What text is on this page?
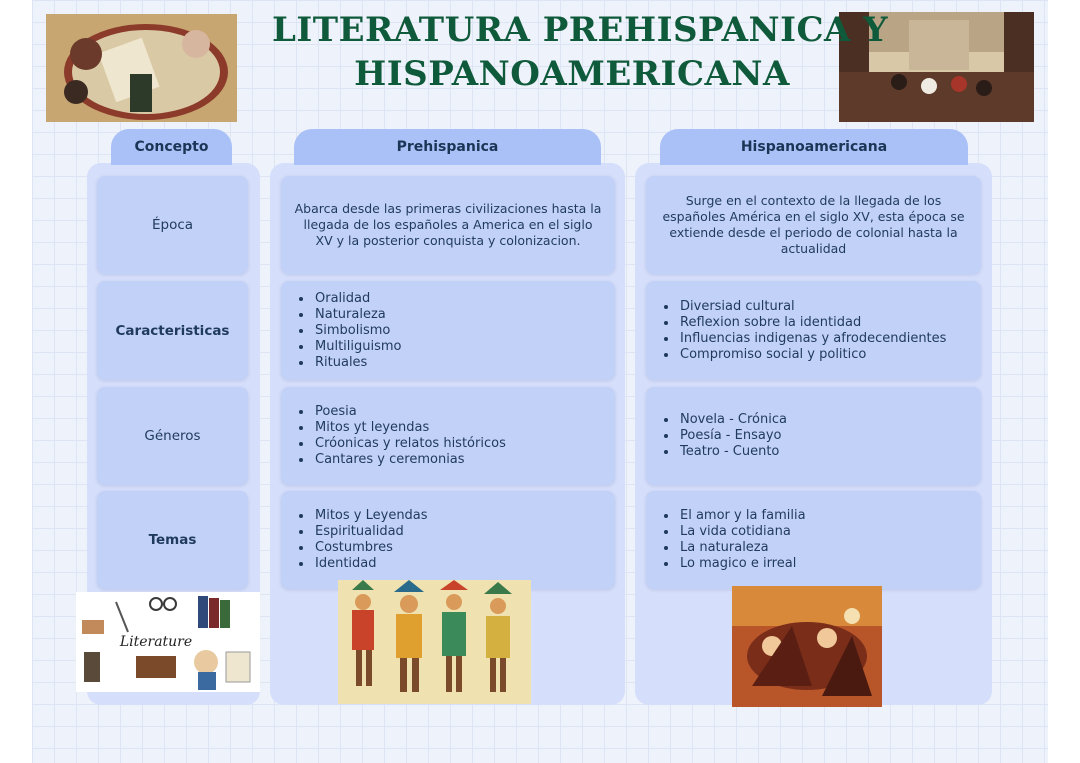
LITERATURA PREHISPANICA Y
HISPANOAMERICANA
Concepto	Prehispanica	Hispanoamericana
Época
Abarca desde las primeras civilizaciones hasta la llegada de los españoles a America en el siglo XV y la posterior conquista y colonizacion.
Surge en el contexto de la llegada de los españoles América en el siglo XV, esta época se extiende desde el periodo de colonial hasta la actualidad
Caracteristicas
• Oralidad
• Naturaleza
• Simbolismo
• Multiliguismo
• Rituales
• Diversiad cultural
• Reflexion sobre la identidad
• Influencias indigenas y afrodecendientes
• Compromiso social y politico
Géneros
• Poesia
• Mitos yt leyendas
• Cróonicas y relatos históricos
• Cantares y ceremonias
• Novela - Crónica
• Poesía - Ensayo
• Teatro - Cuento
Temas
• Mitos y Leyendas
• Espiritualidad
• Costumbres
• Identidad
• El amor y la familia
• La vida cotidiana
• La naturaleza
• Lo magico e irreal
Literature
